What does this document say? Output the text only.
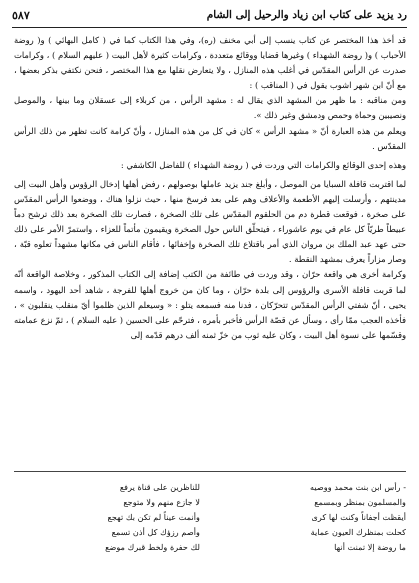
رد يزيد على كتاب ابن زياد والرحيل إلى الشام
٥٨٧

قد أخذ هذا المختصر عن كتاب ينسب إلى أبي مخنف (ره)، وفي هذا الكتاب كما في ( كامل البهائي ) و( روضة الأحباب ) و( روضة الشهداء ) وغيرها قضايا ووقائع متعددة ، وكرامات كثيرة لأهل البيت ( عليهم السلام ) ، وكرامات صدرت عن الرأس المقدّس في أغلب هذه المنازل ، ولا يتعارض نقلها مع هذا المختصر ، فنحن نكتفي بذكر بعضها ، مع أنّ ابن شهر اشوب يقول في ( المناقب ) :

ومن مناقبه : ما ظهر من المشهد الذي يقال له : مشهد الرأس ، من كربلاء إلى عسقلان وما بينها ، والموصل ونصيبين وحماة وحمص ودمشق وغير ذلك ».

ويعلم من هذه العبارة أنّ « مشهد الرأس » كان في كل من هذه المنازل ، وأنّ كرامة كانت تظهر من ذلك الرأس المقدّس .

وهذه إحدى الوقائع والكرامات التي وردت في ( روضة الشهداء ) للفاضل الكاشفي :

لما اقتربت قافلة السبايا من الموصل ، وأبلغ جند يزيد عاملها بوصولهم ، رفض أهلها إدخال الرؤوس وأهل البيت إلى مدينتهم ، وأرسلت إليهم الأطعمة والأعلاف وهم على بعد فرسخ منها ، حيث نزلوا هناك ، ووضعوا الرأس المقدّس على صخرة ، فوقعت قطرة دم من الحلقوم المقدّس على تلك الصخرة ، فصارت تلك الصخرة بعد ذلك ترشح دماً عبيطاً طريّاً كل عام في يوم عاشوراء ، فيتحلّق الناس حول الصخرة ويقيمون مأتماً للعزاء ، واستمرّ الأمر على ذلك حتى عهد عبد الملك بن مروان الذي أمر باقتلاع تلك الصخرة وإخفائها ، فأقام الناس في مكانها مشهداً تعلوه قبّة ، وصار مزاراً يعرف بمشهد النقطة .

وكرامة أخرى هي واقعة حرّان ، وقد وردت في طائفة من الكتب إضافة إلى الكتاب المذكور ، وخلاصة الواقعة أنّه لما قربت قافلة الأسرى والرؤوس إلى بلدة حرّان ، وما كان من خروج أهلها للفرجة ، شاهد أحد اليهود ، واسمه يحيى ، أنّ شفتي الرأس المقدّس تتحرّكان ، فدنا منه فسمعه يتلو : « وسيعلم الذين ظلموا أيّ منقلب ينقلبون » ، فأخذه العجب ممّا رأى ، وسأل عن قصّة الرأس فأخبر بأمره ، فترحّم على الحسين ( عليه السلام ) ، ثمّ نزع عمامته وقسّمها على نسوة أهل البيت ، وكان عليه ثوب من خزّ ثمنه ألف درهم قدّمه إلى

- رأس ابن بنت محمد ووصيه
للناظرين على قناة يرفع
والمسلمون بمنظر وبمسمع
لا جازع منهم ولا متوجع
أيقظت أجفاناً وكنت لها كرى
وأنمت عيناً لم تكن بك تهجع
كحلت بمنظرك العيون عماية
وأصم رزؤك كل أذن تسمع
ما روضة إلا تمنت أنها
لك حفرة ولخط قبرك موضع
